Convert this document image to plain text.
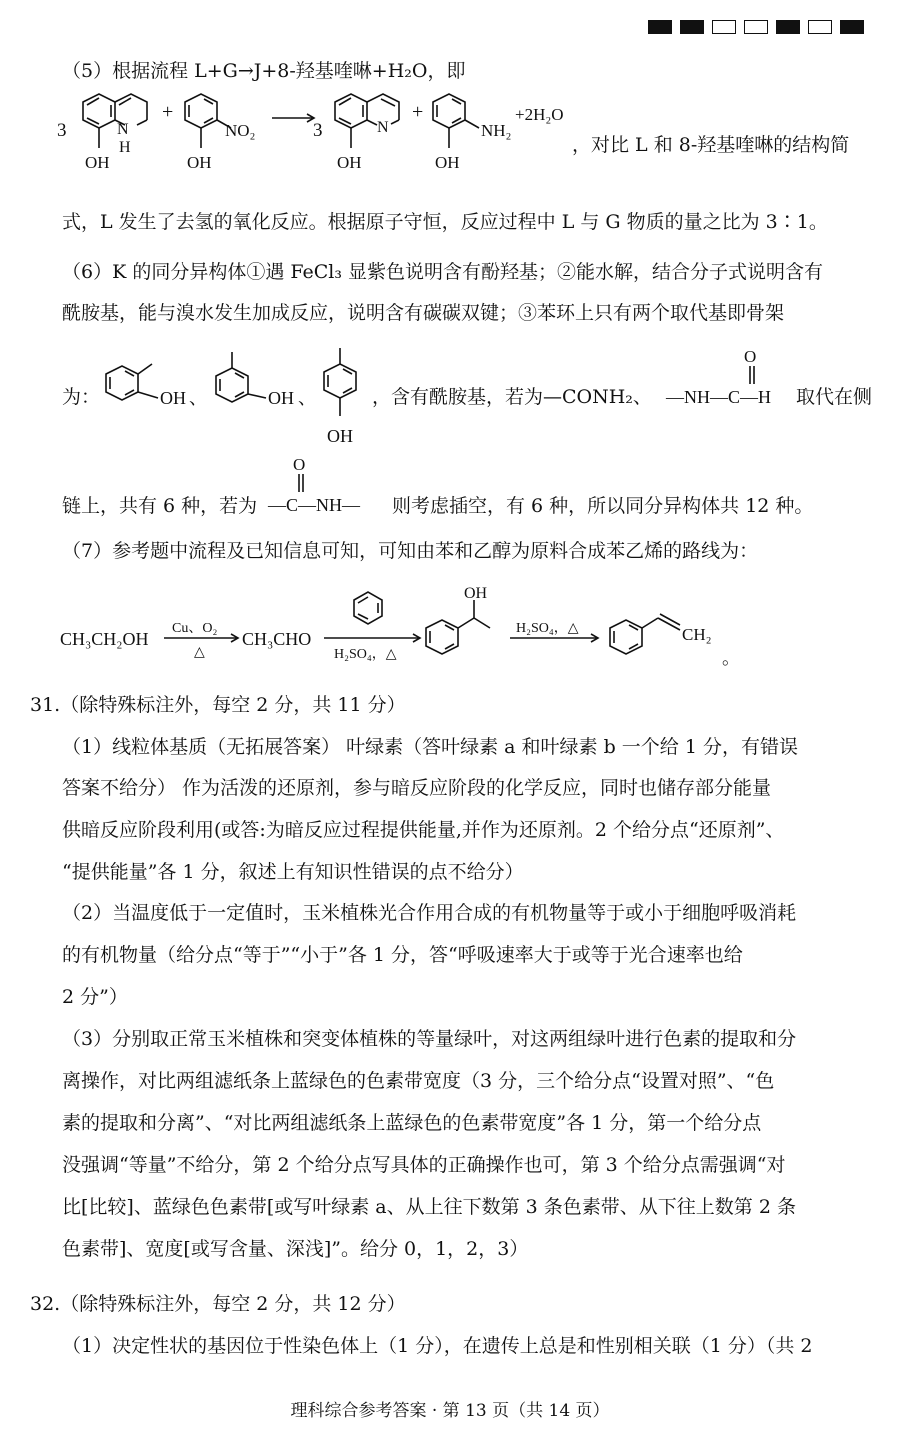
（5）根据流程 L+G→J+8-羟基喹啉+H₂O，即
3	N
H
OH
+
OH
NO₂	3	N
OH
+
OH
NH₂
+2H₂O
，对比 L 和 8-羟基喹啉的结构简
式，L 发生了去氢的氧化反应。根据原子守恒，反应过程中 L 与 G 物质的量之比为 3∶1。
（6）K 的同分异构体①遇 FeCl₃ 显紫色说明含有酚羟基；②能水解，结合分子式说明含有
酰胺基，能与溴水发生加成反应，说明含有碳碳双键；③苯环上只有两个取代基即骨架
为：	OH 、	OH 、
OH
，含有酰胺基，若为—CONH₂、
O
—NH—C—H 取代在侧
链上，共有 6 种，若为
O
—C—NH— 则考虑插空，有 6 种，所以同分异构体共 12 种。
（7）参考题中流程及已知信息可知，可知由苯和乙醇为原料合成苯乙烯的路线为：
CH₃CH₂OH
Cu、O₂
△
CH₃CHO
H₂SO₄，△
OH
H₂SO₄，△	CH₂
。
31.（除特殊标注外，每空 2 分，共 11 分）
（1）线粒体基质（无拓展答案） 叶绿素（答叶绿素 a 和叶绿素 b 一个给 1 分，有错误
答案不给分） 作为活泼的还原剂，参与暗反应阶段的化学反应，同时也储存部分能量
供暗反应阶段利用(或答:为暗反应过程提供能量,并作为还原剂。2 个给分点“还原剂”、
“提供能量”各 1 分，叙述上有知识性错误的点不给分）
（2）当温度低于一定值时，玉米植株光合作用合成的有机物量等于或小于细胞呼吸消耗
的有机物量（给分点“等于”“小于”各 1 分，答“呼吸速率大于或等于光合速率也给
2 分”）
（3）分别取正常玉米植株和突变体植株的等量绿叶，对这两组绿叶进行色素的提取和分
离操作，对比两组滤纸条上蓝绿色的色素带宽度（3 分，三个给分点“设置对照”、“色
素的提取和分离”、“对比两组滤纸条上蓝绿色的色素带宽度”各 1 分，第一个给分点
没强调“等量”不给分，第 2 个给分点写具体的正确操作也可，第 3 个给分点需强调“对
比[比较]、蓝绿色色素带[或写叶绿素 a、从上往下数第 3 条色素带、从下往上数第 2 条
色素带]、宽度[或写含量、深浅]”。给分 0，1，2，3）
32.（除特殊标注外，每空 2 分，共 12 分）
（1）决定性状的基因位于性染色体上（1 分），在遗传上总是和性别相关联（1 分）（共 2
理科综合参考答案 · 第 13 页（共 14 页）
